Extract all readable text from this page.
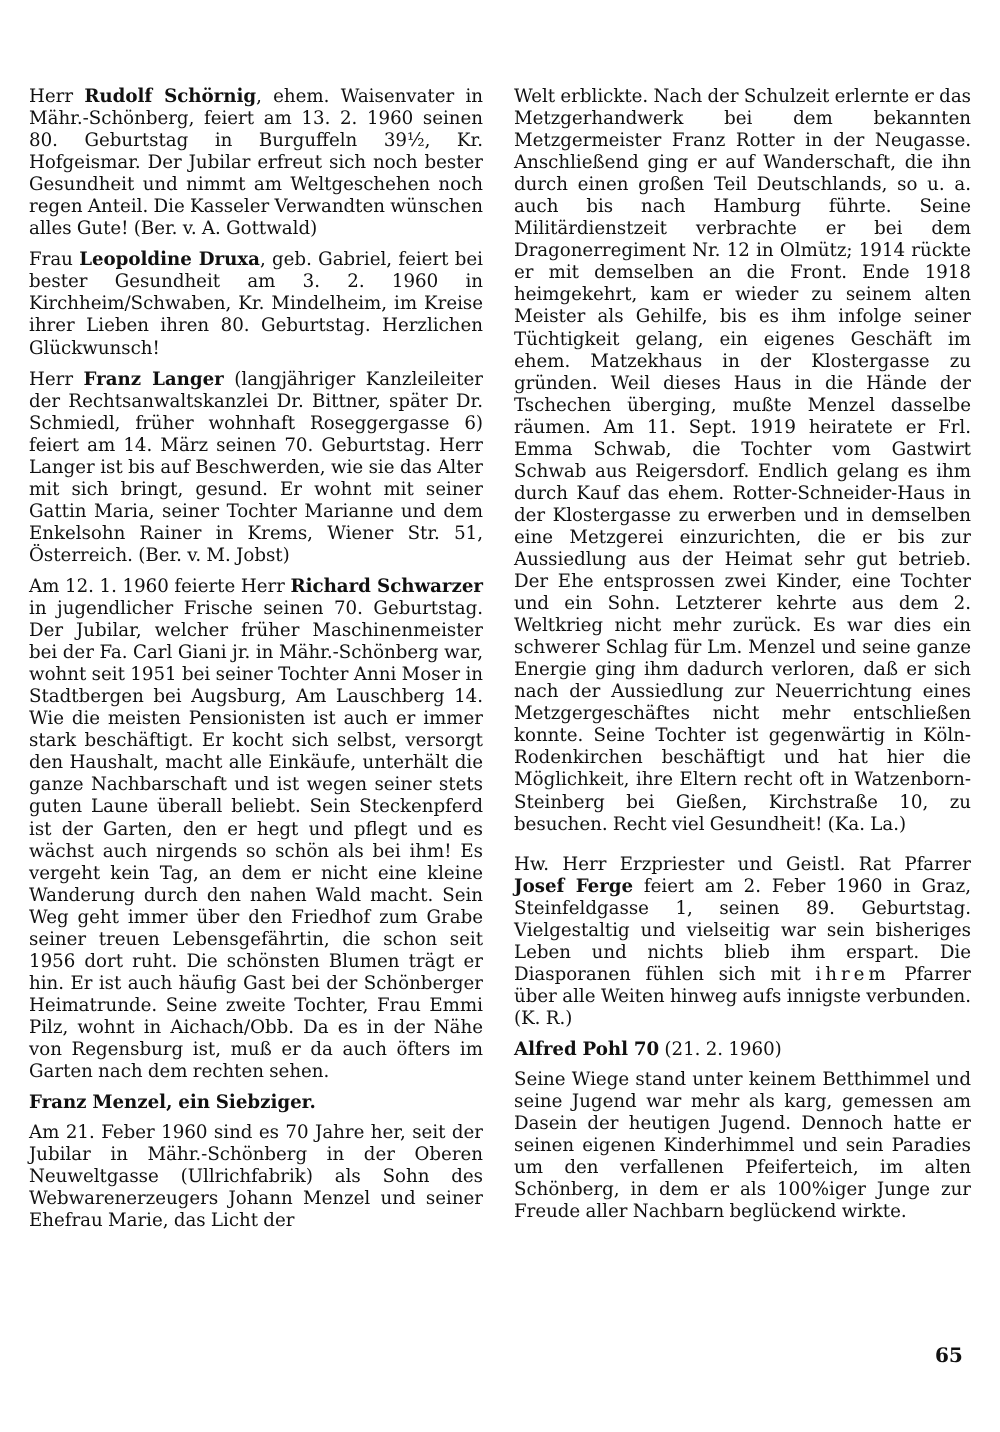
Herr Rudolf Schörnig, ehem. Waisenvater in Mähr.-Schönberg, feiert am 13. 2. 1960 seinen 80. Geburtstag in Burguffeln 39½, Kr. Hofgeismar. Der Jubilar erfreut sich noch bester Gesundheit und nimmt am Weltgeschehen noch regen Anteil. Die Kasseler Verwandten wünschen alles Gute! (Ber. v. A. Gottwald)

Frau Leopoldine Druxa, geb. Gabriel, feiert bei bester Gesundheit am 3. 2. 1960 in Kirchheim/Schwaben, Kr. Mindelheim, im Kreise ihrer Lieben ihren 80. Geburtstag. Herzlichen Glückwunsch!

Herr Franz Langer (langjähriger Kanzleileiter der Rechtsanwaltskanzlei Dr. Bittner, später Dr. Schmiedl, früher wohnhaft Roseggergasse 6) feiert am 14. März seinen 70. Geburtstag. Herr Langer ist bis auf Beschwerden, wie sie das Alter mit sich bringt, gesund. Er wohnt mit seiner Gattin Maria, seiner Tochter Marianne und dem Enkelsohn Rainer in Krems, Wiener Str. 51, Österreich. (Ber. v. M. Jobst)

Am 12. 1. 1960 feierte Herr Richard Schwarzer in jugendlicher Frische seinen 70. Geburtstag. Der Jubilar, welcher früher Maschinenmeister bei der Fa. Carl Giani jr. in Mähr.-Schönberg war, wohnt seit 1951 bei seiner Tochter Anni Moser in Stadtbergen bei Augsburg, Am Lauschberg 14. Wie die meisten Pensionisten ist auch er immer stark beschäftigt. Er kocht sich selbst, versorgt den Haushalt, macht alle Einkäufe, unterhält die ganze Nachbarschaft und ist wegen seiner stets guten Laune überall beliebt. Sein Steckenpferd ist der Garten, den er hegt und pflegt und es wächst auch nirgends so schön als bei ihm! Es vergeht kein Tag, an dem er nicht eine kleine Wanderung durch den nahen Wald macht. Sein Weg geht immer über den Friedhof zum Grabe seiner treuen Lebensgefährtin, die schon seit 1956 dort ruht. Die schönsten Blumen trägt er hin. Er ist auch häufig Gast bei der Schönberger Heimatrunde. Seine zweite Tochter, Frau Emmi Pilz, wohnt in Aichach/Obb. Da es in der Nähe von Regensburg ist, muß er da auch öfters im Garten nach dem rechten sehen.

Franz Menzel, ein Siebziger.

Am 21. Feber 1960 sind es 70 Jahre her, seit der Jubilar in Mähr.-Schönberg in der Oberen Neuweltgasse (Ullrichfabrik) als Sohn des Webwarenerzeugers Johann Menzel und seiner Ehefrau Marie, das Licht der

Welt erblickte. Nach der Schulzeit erlernte er das Metzgerhandwerk bei dem bekannten Metzgermeister Franz Rotter in der Neugasse. Anschließend ging er auf Wanderschaft, die ihn durch einen großen Teil Deutschlands, so u. a. auch bis nach Hamburg führte. Seine Militärdienstzeit verbrachte er bei dem Dragonerregiment Nr. 12 in Olmütz; 1914 rückte er mit demselben an die Front. Ende 1918 heimgekehrt, kam er wieder zu seinem alten Meister als Gehilfe, bis es ihm infolge seiner Tüchtigkeit gelang, ein eigenes Geschäft im ehem. Matzekhaus in der Klostergasse zu gründen. Weil dieses Haus in die Hände der Tschechen überging, mußte Menzel dasselbe räumen. Am 11. Sept. 1919 heiratete er Frl. Emma Schwab, die Tochter vom Gastwirt Schwab aus Reigersdorf. Endlich gelang es ihm durch Kauf das ehem. Rotter-Schneider-Haus in der Klostergasse zu erwerben und in demselben eine Metzgerei einzurichten, die er bis zur Aussiedlung aus der Heimat sehr gut betrieb. Der Ehe entsprossen zwei Kinder, eine Tochter und ein Sohn. Letzterer kehrte aus dem 2. Weltkrieg nicht mehr zurück. Es war dies ein schwerer Schlag für Lm. Menzel und seine ganze Energie ging ihm dadurch verloren, daß er sich nach der Aussiedlung zur Neuerrichtung eines Metzgergeschäftes nicht mehr entschließen konnte. Seine Tochter ist gegenwärtig in Köln-Rodenkirchen beschäftigt und hat hier die Möglichkeit, ihre Eltern recht oft in Watzenborn-Steinberg bei Gießen, Kirchstraße 10, zu besuchen. Recht viel Gesundheit! (Ka. La.)

Hw. Herr Erzpriester und Geistl. Rat Pfarrer Josef Ferge feiert am 2. Feber 1960 in Graz, Steinfeldgasse 1, seinen 89. Geburtstag. Vielgestaltig und vielseitig war sein bisheriges Leben und nichts blieb ihm erspart. Die Diasporanen fühlen sich mit ihrem Pfarrer über alle Weiten hinweg aufs innigste verbunden. (K. R.)

Alfred Pohl 70 (21. 2. 1960)

Seine Wiege stand unter keinem Betthimmel und seine Jugend war mehr als karg, gemessen am Dasein der heutigen Jugend. Dennoch hatte er seinen eigenen Kinderhimmel und sein Paradies um den verfallenen Pfeiferteich, im alten Schönberg, in dem er als 100%iger Junge zur Freude aller Nachbarn beglückend wirkte.

65
